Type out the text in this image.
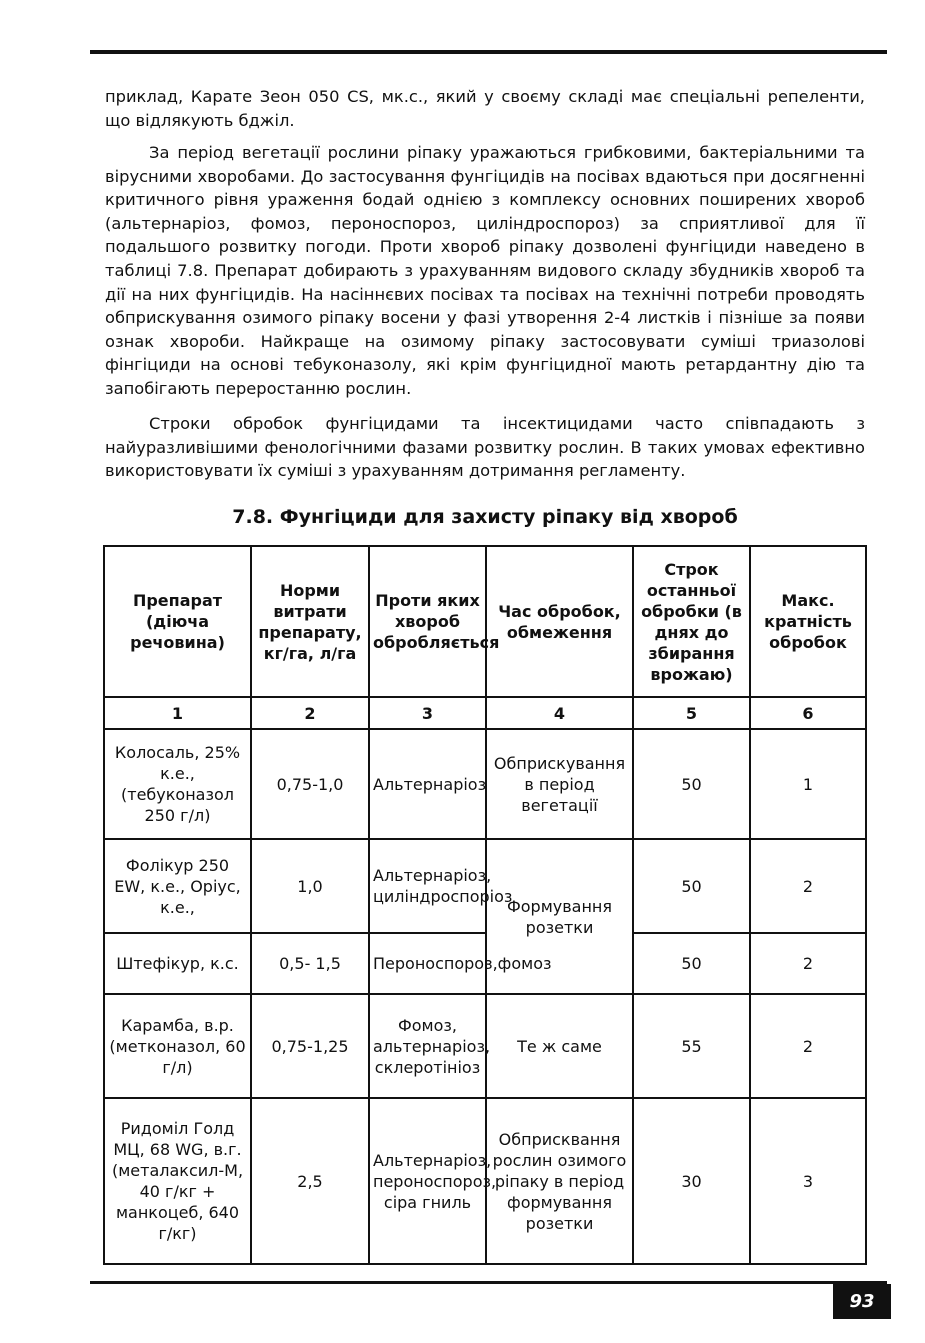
приклад, Карате Зеон 050 CS, мк.с., який у своєму складі має спеціальні репеленти, що відлякують бджіл.

За період вегетації рослини ріпаку уражаються грибковими, бактеріальними та вірусними хворобами. До застосування фунгіцидів на посівах вдаються при досягненні критичного рівня ураження бодай однією з комплексу основних поширених хвороб (альтернаріоз, фомоз, пероноспороз, циліндроспороз) за сприятливої для її подальшого розвитку погоди. Проти хвороб ріпаку дозволені фунгіциди наведено в таблиці 7.8. Препарат добирають з урахуванням видового складу збудників хвороб та дії на них фунгіцидів. На насіннєвих посівах та посівах на технічні потреби проводять обприскування озимого ріпаку восени у фазі утворення 2-4 листків і пізніше за появи ознак хвороби. Найкраще на озимому ріпаку застосовувати суміші триазолові фінгіциди на основі тебуконазолу, які крім фунгіцидної мають ретардантну дію та запобігають переростанню рослин.

Строки обробок фунгіцидами та інсектицидами часто співпадають з найуразливішими фенологічними фазами розвитку рослин. В таких умовах ефективно використовувати їх суміші з урахуванням дотримання регламенту.

7.8. Фунгіциди для захисту ріпаку від хвороб
Препарат (діюча речовина)	Норми витрати препарату, кг/га, л/га	Проти яких хвороб обробляється	Час обробок, обмеження	Строк останньої обробки (в днях до збирання врожаю)	Макс. кратність обробок
1	2	3	4	5	6
Колосаль, 25% к.е., (тебуконазол 250 г/л)	0,75-1,0	Альтернаріоз	Обприскування в період вегетації	50	1
Фолікур 250 EW, к.е., Оріус, к.е.,	1,0	Альтернаріоз, циліндроспоріоз	Формування розетки	50	2
Штефікур, к.с.	0,5- 1,5	Пероноспороз,фомоз		50	2
Карамба, в.р. (метконазол, 60 г/л)	0,75-1,25	Фомоз, альтернаріоз, склеротініоз	Те ж саме	55	2
Ридоміл Голд МЦ, 68 WG, в.г. (металаксил-М, 40 г/кг + манкоцеб, 640 г/кг)	2,5	Альтернаріоз, пероноспороз, сіра гниль	Обприсквання рослин озимого ріпаку в період формування розетки	30	3
93
